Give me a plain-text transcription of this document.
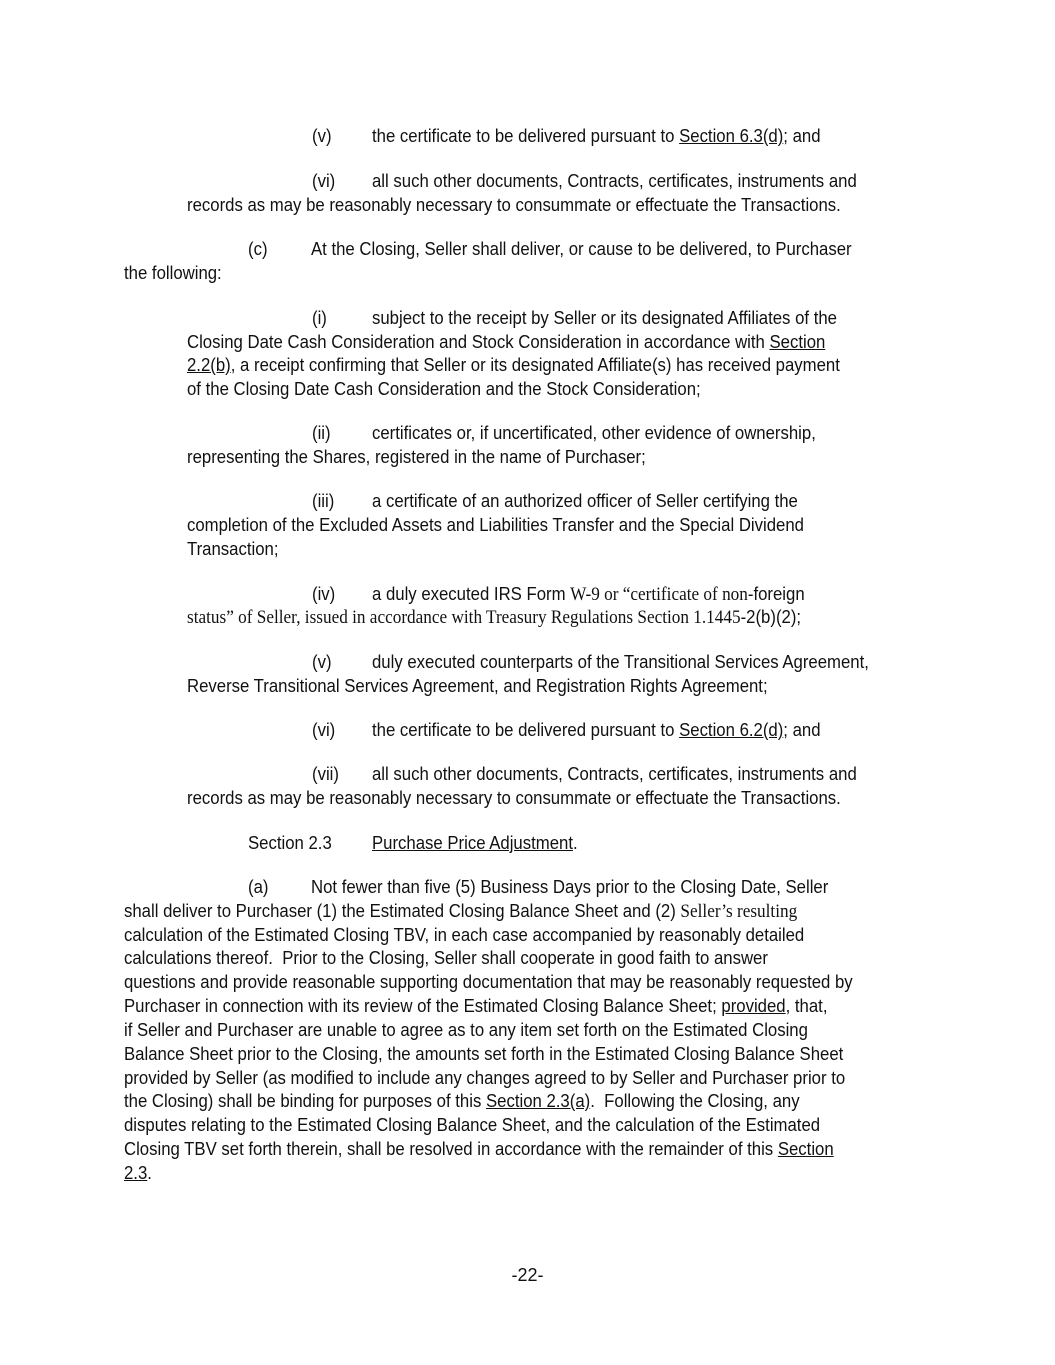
(v) the certificate to be delivered pursuant to Section 6.3(d); and
(vi) all such other documents, Contracts, certificates, instruments and
records as may be reasonably necessary to consummate or effectuate the Transactions.
(c) At the Closing, Seller shall deliver, or cause to be delivered, to Purchaser
the following:
(i)	subject to the receipt by Seller or its designated Affiliates of the
Closing Date Cash Consideration and Stock Consideration in accordance with Section
2.2(b), a receipt confirming that Seller or its designated Affiliate(s) has received payment
of the Closing Date Cash Consideration and the Stock Consideration;
(ii) certificates or, if uncertificated, other evidence of ownership,
representing the Shares, registered in the name of Purchaser;
(iii) a certificate of an authorized officer of Seller certifying the
completion of the Excluded Assets and Liabilities Transfer and the Special Dividend
Transaction;
(iv) a duly executed IRS Form W-9 or “certificate of non-foreign
status” of Seller, issued in accordance with Treasury Regulations Section 1.1445-2(b)(2);
(v) duly executed counterparts of the Transitional Services Agreement,
Reverse Transitional Services Agreement, and Registration Rights Agreement;
(vi) the certificate to be delivered pursuant to Section 6.2(d); and
(vii) all such other documents, Contracts, certificates, instruments and
records as may be reasonably necessary to consummate or effectuate the Transactions.
Section 2.3 Purchase Price Adjustment.
(a) Not fewer than five (5) Business Days prior to the Closing Date, Seller
shall deliver to Purchaser (1) the Estimated Closing Balance Sheet and (2) Seller’s resulting
calculation of the Estimated Closing TBV, in each case accompanied by reasonably detailed
calculations thereof.  Prior to the Closing, Seller shall cooperate in good faith to answer
questions and provide reasonable supporting documentation that may be reasonably requested by
Purchaser in connection with its review of the Estimated Closing Balance Sheet; provided, that,
if Seller and Purchaser are unable to agree as to any item set forth on the Estimated Closing
Balance Sheet prior to the Closing, the amounts set forth in the Estimated Closing Balance Sheet
provided by Seller (as modified to include any changes agreed to by Seller and Purchaser prior to
the Closing) shall be binding for purposes of this Section 2.3(a).  Following the Closing, any
disputes relating to the Estimated Closing Balance Sheet, and the calculation of the Estimated
Closing TBV set forth therein, shall be resolved in accordance with the remainder of this Section
2.3.
-22-
